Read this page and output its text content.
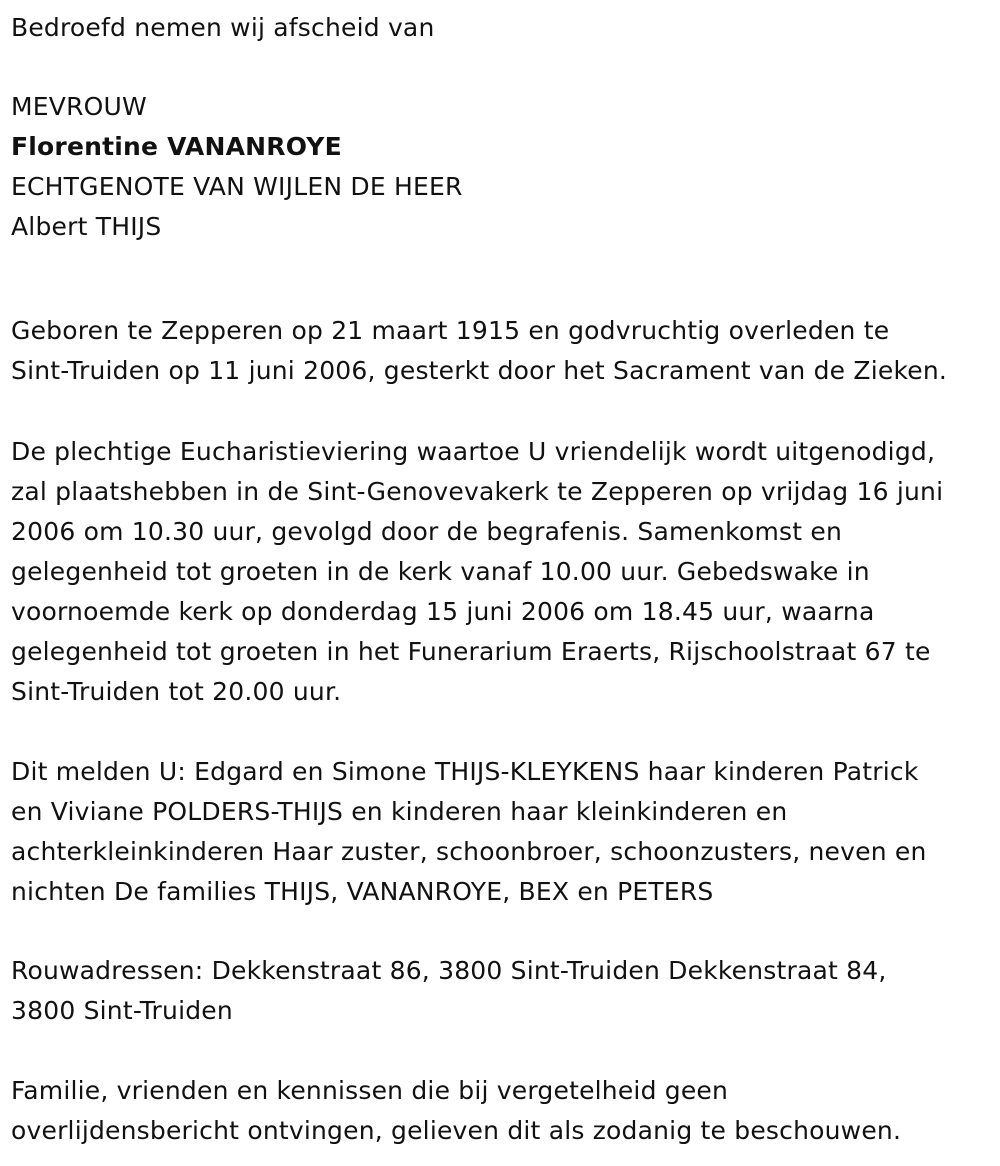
Bedroefd nemen wij afscheid van

MEVROUW

Florentine VANANROYE

ECHTGENOTE VAN WIJLEN DE HEER

Albert THIJS

Geboren te Zepperen op 21 maart 1915 en godvruchtig overleden te

Sint-Truiden op 11 juni 2006, gesterkt door het Sacrament van de Zieken.

De plechtige Eucharistieviering waartoe U vriendelijk wordt uitgenodigd,

zal plaatshebben in de Sint-Genovevakerk te Zepperen op vrijdag 16 juni

2006 om 10.30 uur, gevolgd door de begrafenis. Samenkomst en

gelegenheid tot groeten in de kerk vanaf 10.00 uur. Gebedswake in

voornoemde kerk op donderdag 15 juni 2006 om 18.45 uur, waarna

gelegenheid tot groeten in het Funerarium Eraerts, Rijschoolstraat 67 te

Sint-Truiden tot 20.00 uur.

Dit melden U: Edgard en Simone THIJS-KLEYKENS haar kinderen Patrick

en Viviane POLDERS-THIJS en kinderen haar kleinkinderen en

achterkleinkinderen Haar zuster, schoonbroer, schoonzusters, neven en

nichten De families THIJS, VANANROYE, BEX en PETERS

Rouwadressen: Dekkenstraat 86, 3800 Sint-Truiden Dekkenstraat 84,

3800 Sint-Truiden

Familie, vrienden en kennissen die bij vergetelheid geen

overlijdensbericht ontvingen, gelieven dit als zodanig te beschouwen.
